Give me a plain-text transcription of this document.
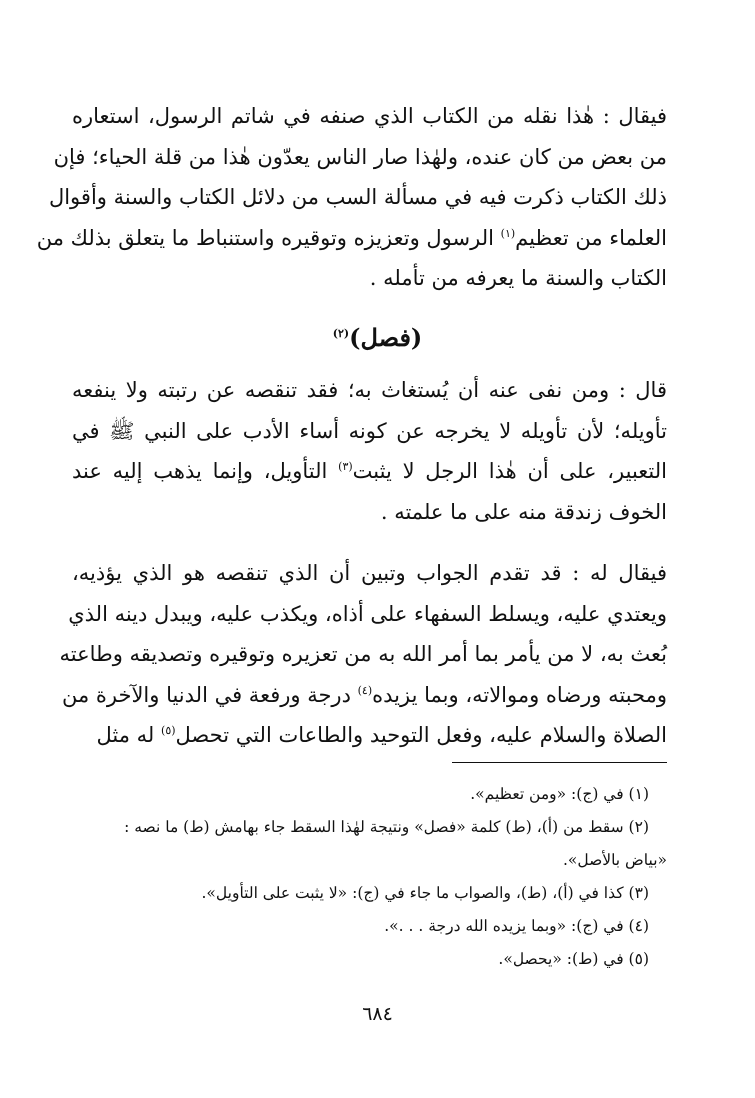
فيقال : هٰذا نقله من الكتاب الذي صنفه في شاتم الرسول، استعاره
من بعض من كان عنده، ولهٰذا صار الناس يعدّون هٰذا من قلة الحياء؛ فإن
ذلك الكتاب ذكرت فيه في مسألة السب من دلائل الكتاب والسنة وأقوال
العلماء من تعظيم$^{(١)}$ الرسول وتعزيزه وتوقيره واستنباط ما يتعلق بذلك من
الكتاب والسنة ما يعرفه من تأمله .
(فصل)$^{(٢)}$
قال : ومن نفى عنه أن يُستغاث به؛ فقد تنقصه عن رتبته ولا ينفعه
تأويله؛ لأن تأويله لا يخرجه عن كونه أساء الأدب على النبي ﷺ في
التعبير، على أن هٰذا الرجل لا يثبت$^{(٣)}$ التأويل، وإنما يذهب إليه عند
الخوف زندقة منه على ما علمته .
فيقال له : قد تقدم الجواب وتبين أن الذي تنقصه هو الذي يؤذيه،
ويعتدي عليه، ويسلط السفهاء على أذاه، ويكذب عليه، ويبدل دينه الذي
بُعث به، لا من يأمر بما أمر الله به من تعزيره وتوقيره وتصديقه وطاعته
ومحبته ورضاه وموالاته، وبما يزيده$^{(٤)}$ درجة ورفعة في الدنيا والآخرة من
الصلاة والسلام عليه، وفعل التوحيد والطاعات التي تحصل$^{(٥)}$ له مثل
(١) في (ج): «ومن تعظيم».
(٢) سقط من (أ)، (ط) كلمة «فصل» ونتيجة لهٰذا السقط جاء بهامش (ط) ما نصه :
«بياض بالأصل».
(٣) كذا في (أ)، (ط)، والصواب ما جاء في (ج): «لا يثبت على التأويل».
(٤) في (ج): «وبما يزيده الله درجة . . .».
(٥) في (ط): «يحصل».
٦٨٤
